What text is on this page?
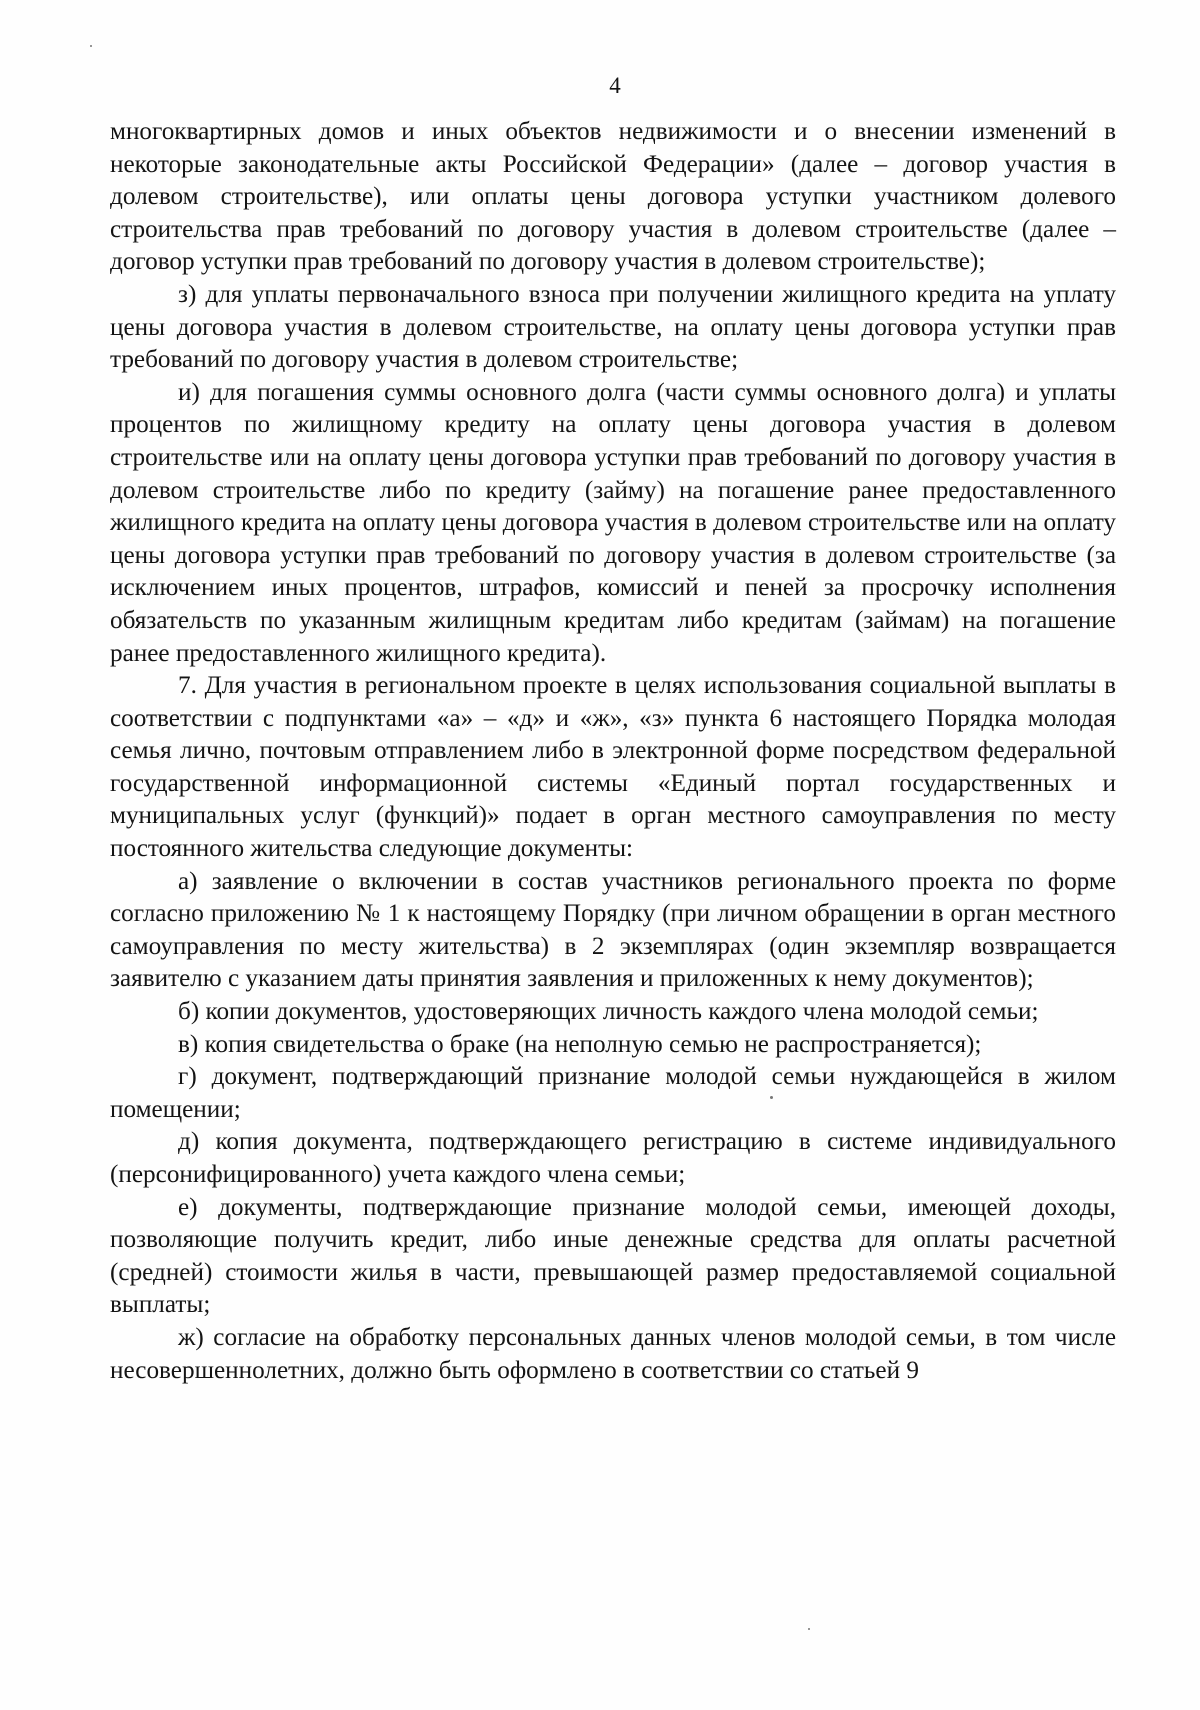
4

многоквартирных домов и иных объектов недвижимости и о внесении изменений в некоторые законодательные акты Российской Федерации» (далее – договор участия в долевом строительстве), или оплаты цены договора уступки участником долевого строительства прав требований по договору участия в долевом строительстве (далее – договор уступки прав требований по договору участия в долевом строительстве);

з) для уплаты первоначального взноса при получении жилищного кредита на уплату цены договора участия в долевом строительстве, на оплату цены договора уступки прав требований по договору участия в долевом строительстве;

и) для погашения суммы основного долга (части суммы основного долга) и уплаты процентов по жилищному кредиту на оплату цены договора участия в долевом строительстве или на оплату цены договора уступки прав требований по договору участия в долевом строительстве либо по кредиту (займу) на погашение ранее предоставленного жилищного кредита на оплату цены договора участия в долевом строительстве или на оплату цены договора уступки прав требований по договору участия в долевом строительстве (за исключением иных процентов, штрафов, комиссий и пеней за просрочку исполнения обязательств по указанным жилищным кредитам либо кредитам (займам) на погашение ранее предоставленного жилищного кредита).

7. Для участия в региональном проекте в целях использования социальной выплаты в соответствии с подпунктами «а» – «д» и «ж», «з» пункта 6 настоящего Порядка молодая семья лично, почтовым отправлением либо в электронной форме посредством федеральной государственной информационной системы «Единый портал государственных и муниципальных услуг (функций)» подает в орган местного самоуправления по месту постоянного жительства следующие документы:

а) заявление о включении в состав участников регионального проекта по форме согласно приложению № 1 к настоящему Порядку (при личном обращении в орган местного самоуправления по месту жительства) в 2 экземплярах (один экземпляр возвращается заявителю с указанием даты принятия заявления и приложенных к нему документов);

б) копии документов, удостоверяющих личность каждого члена молодой семьи;

в) копия свидетельства о браке (на неполную семью не распространяется);

г) документ, подтверждающий признание молодой семьи нуждающейся в жилом помещении;

д) копия документа, подтверждающего регистрацию в системе индивидуального (персонифицированного) учета каждого члена семьи;

е) документы, подтверждающие признание молодой семьи, имеющей доходы, позволяющие получить кредит, либо иные денежные средства для оплаты расчетной (средней) стоимости жилья в части, превышающей размер предоставляемой социальной выплаты;

ж) согласие на обработку персональных данных членов молодой семьи, в том числе несовершеннолетних, должно быть оформлено в соответствии со статьей 9
